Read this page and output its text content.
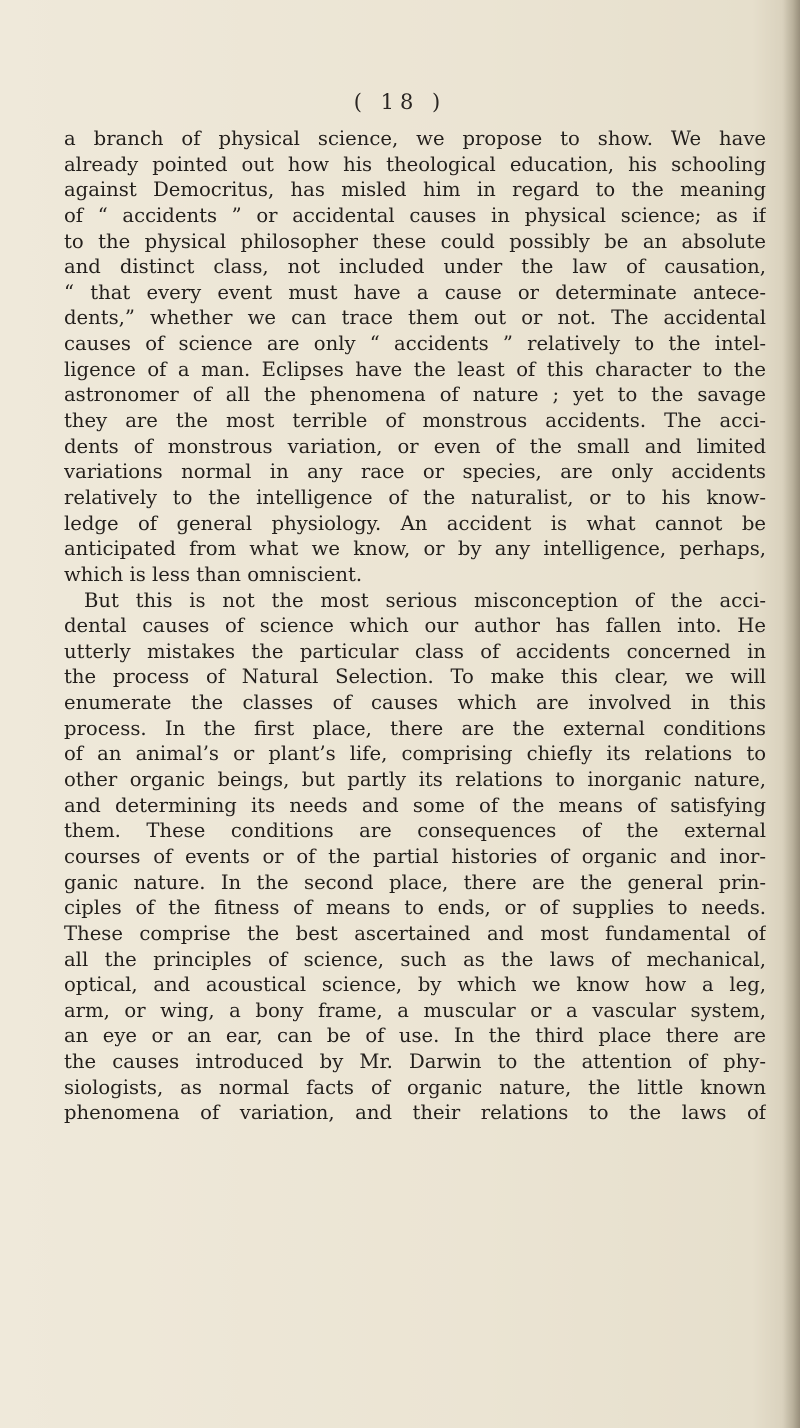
( 18 )
a branch of physical science, we propose to show. We have
already pointed out how his theological education, his schooling
against Democritus, has misled him in regard to the meaning
of “ accidents ” or accidental causes in physical science; as if
to the physical philosopher these could possibly be an absolute
and distinct class, not included under the law of causation,
“ that every event must have a cause or determinate antece-
dents,” whether we can trace them out or not. The accidental
causes of science are only “ accidents ” relatively to the intel-
ligence of a man. Eclipses have the least of this character to the
astronomer of all the phenomena of nature ; yet to the savage
they are the most terrible of monstrous accidents. The acci-
dents of monstrous variation, or even of the small and limited
variations normal in any race or species, are only accidents
relatively to the intelligence of the naturalist, or to his know-
ledge of general physiology. An accident is what cannot be
anticipated from what we know, or by any intelligence, perhaps,
which is less than omniscient.
But this is not the most serious misconception of the acci-
dental causes of science which our author has fallen into. He
utterly mistakes the particular class of accidents concerned in
the process of Natural Selection. To make this clear, we will
enumerate the classes of causes which are involved in this
process. In the first place, there are the external conditions
of an animal’s or plant’s life, comprising chiefly its relations to
other organic beings, but partly its relations to inorganic nature,
and determining its needs and some of the means of satisfying
them. These conditions are consequences of the external
courses of events or of the partial histories of organic and inor-
ganic nature. In the second place, there are the general prin-
ciples of the fitness of means to ends, or of supplies to needs.
These comprise the best ascertained and most fundamental of
all the principles of science, such as the laws of mechanical,
optical, and acoustical science, by which we know how a leg,
arm, or wing, a bony frame, a muscular or a vascular system,
an eye or an ear, can be of use. In the third place there are
the causes introduced by Mr. Darwin to the attention of phy-
siologists, as normal facts of organic nature, the little known
phenomena of variation, and their relations to the laws of
